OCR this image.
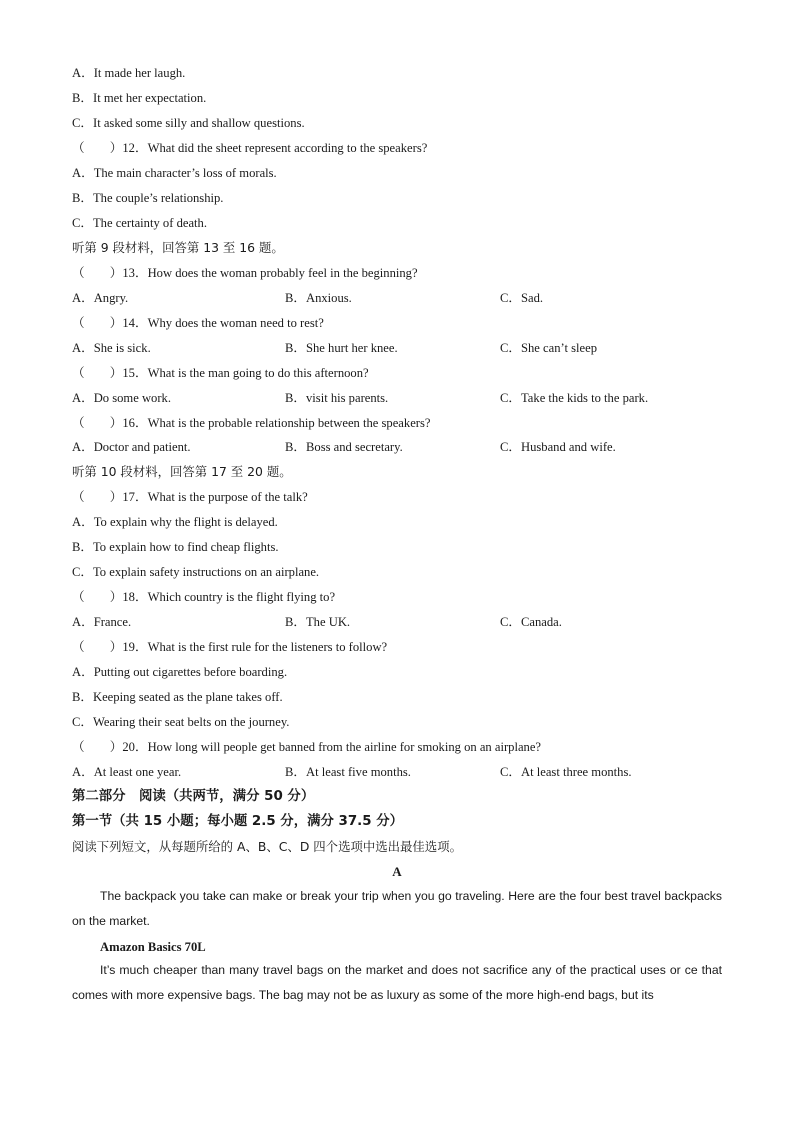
A．It made her laugh.
B．It met her expectation.
C．It asked some silly and shallow questions.
（　　）12．What did the sheet represent according to the speakers?
A．The main character’s loss of morals.
B．The couple’s relationship.
C．The certainty of death.
听第 9 段材料，回答第 13 至 16 题。
（　　）13．How does the woman probably feel in the beginning?
A．Angry.	B．Anxious.	C．Sad.
（　　）14．Why does the woman need to rest?
A．She is sick.	B．She hurt her knee.	C．She can’t sleep
（　　）15．What is the man going to do this afternoon?
A．Do some work.	B．visit his parents.	C．Take the kids to the park.
（　　）16．What is the probable relationship between the speakers?
A．Doctor and patient.	B．Boss and secretary.	C．Husband and wife.
听第 10 段材料，回答第 17 至 20 题。
（　　）17．What is the purpose of the talk?
A．To explain why the flight is delayed.
B．To explain how to find cheap flights.
C．To explain safety instructions on an airplane.
（　　）18．Which country is the flight flying to?
A．France.	B．The UK.	C．Canada.
（　　）19．What is the first rule for the listeners to follow?
A．Putting out cigarettes before boarding.
B．Keeping seated as the plane takes off.
C．Wearing their seat belts on the journey.
（　　）20．How long will people get banned from the airline for smoking on an airplane?
A．At least one year.	B．At least five months.	C．At least three months.
第二部分　阅读（共两节，满分 50 分）
第一节（共 15 小题；每小题 2.5 分，满分 37.5 分）
阅读下列短文，从每题所给的 A、B、C、D 四个选项中选出最佳选项。
A
The backpack you take can make or break your trip when you go traveling. Here are the four best travel backpacks on the market.
Amazon Basics 70L
It’s much cheaper than many travel bags on the market and does not sacrifice any of the practical uses or ce that comes with more expensive bags. The bag may not be as luxury as some of the more high-end bags, but its
